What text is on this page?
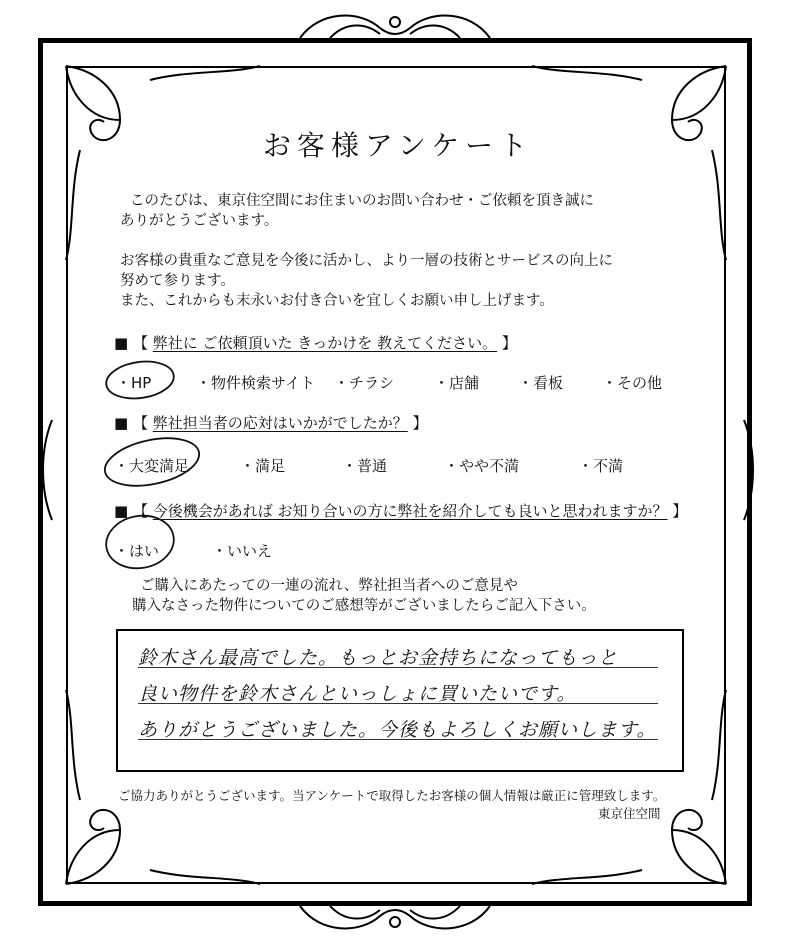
お客様アンケート
このたびは、東京住空間にお住まいのお問い合わせ・ご依頼を頂き誠に
ありがとうございます。
お客様の貴重なご意見を今後に活かし、より一層の技術とサービスの向上に
努めて参ります。
また、これからも末永いお付き合いを宜しくお願い申し上げます。
■ 【 弊社に ご依頼頂いた きっかけを 教えてください。 】
・HP	・物件検索サイト ・チラシ	・店舗	・看板	・その他
■ 【 弊社担当者の応対はいかがでしたか？ 】
・大変満足	・満足	・普通	・やや不満	・不満
■ 【 今後機会があれば お知り合いの方に弊社を紹介しても良いと思われますか？ 】
・はい	・いいえ
ご購入にあたっての一連の流れ、弊社担当者へのご意見や
購入なさった物件についてのご感想等がございましたらご記入下さい。
鈴木さん最高でした。もっとお金持ちになってもっと
良い物件を鈴木さんといっしょに買いたいです。
ありがとうございました。今後もよろしくお願いします。
ご協力ありがとうございます。当アンケートで取得したお客様の個人情報は厳正に管理致します。
東京住空間
